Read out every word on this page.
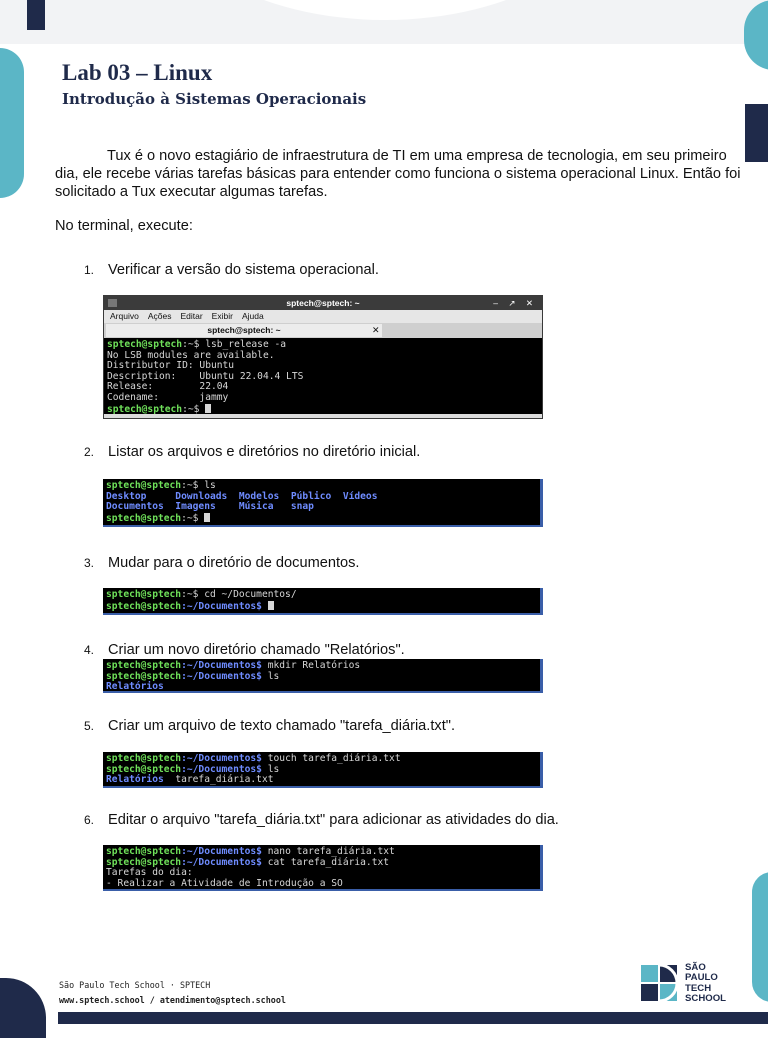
Lab 03 – Linux
Introdução à Sistemas Operacionais

Tux é o novo estagiário de infraestrutura de TI em uma empresa de tecnologia, em seu primeiro dia, ele recebe várias tarefas básicas para entender como funciona o sistema operacional Linux. Então foi solicitado a Tux executar algumas tarefas.

No terminal, execute:

1. Verificar a versão do sistema operacional.

sptech@sptech: ~	– ↗ ✕
Arquivo Ações Editar Exibir Ajuda
sptech@sptech: ~	✕
sptech@sptech:~$ lsb_release -a
No LSB modules are available.
Distributor ID: Ubuntu
Description:    Ubuntu 22.04.4 LTS
Release:        22.04
Codename:       jammy
sptech@sptech:~$

2. Listar os arquivos e diretórios no diretório inicial.

sptech@sptech:~$ ls
Desktop     Downloads  Modelos  Público  Vídeos
Documentos  Imagens    Música   snap
sptech@sptech:~$

3. Mudar para o diretório de documentos.

sptech@sptech:~$ cd ~/Documentos/
sptech@sptech:~/Documentos$

4. Criar um novo diretório chamado "Relatórios".

sptech@sptech:~/Documentos$ mkdir Relatórios
sptech@sptech:~/Documentos$ ls
Relatórios

5. Criar um arquivo de texto chamado "tarefa_diária.txt".

sptech@sptech:~/Documentos$ touch tarefa_diária.txt
sptech@sptech:~/Documentos$ ls
Relatórios  tarefa_diária.txt

6. Editar o arquivo "tarefa_diária.txt" para adicionar as atividades do dia.

sptech@sptech:~/Documentos$ nano tarefa_diária.txt
sptech@sptech:~/Documentos$ cat tarefa_diária.txt
Tarefas do dia:
- Realizar a Atividade de Introdução a SO

São Paulo Tech School · SPTECH

www.sptech.school / atendimento@sptech.school

SÃO
PAULO
TECH
SCHOOL
